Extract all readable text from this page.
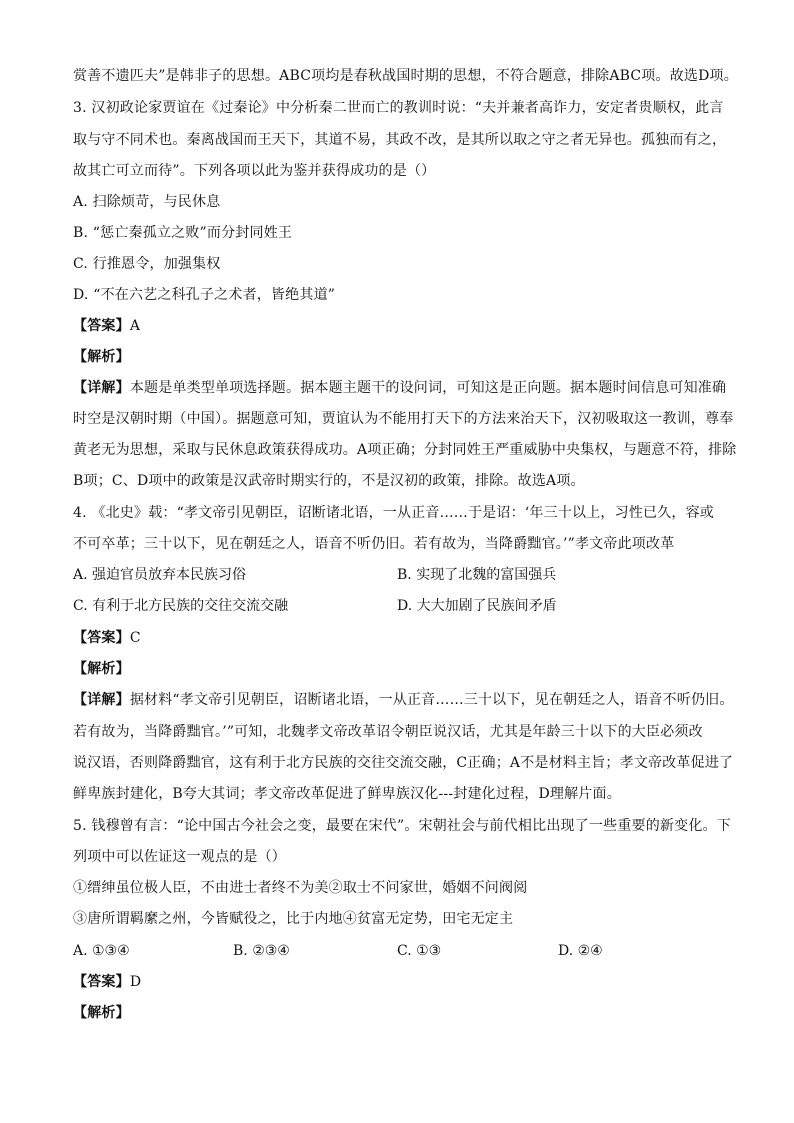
赏善不遗匹夫”是韩非子的思想。ABC项均是春秋战国时期的思想，不符合题意，排除ABC项。故选D项。
3. 汉初政论家贾谊在《过秦论》中分析秦二世而亡的教训时说：“夫并兼者高诈力，安定者贵顺权，此言
取与守不同术也。秦离战国而王天下，其道不易，其政不改，是其所以取之守之者无异也。孤独而有之，
故其亡可立而待”。下列各项以此为鉴并获得成功的是（）
A. 扫除烦苛，与民休息
B. “惩亡秦孤立之败”而分封同姓王
C. 行推恩令，加强集权
D. “不在六艺之科孔子之术者，皆绝其道”
【答案】A
【解析】
【详解】本题是单类型单项选择题。据本题主题干的设问词，可知这是正向题。据本题时间信息可知准确
时空是汉朝时期（中国）。据题意可知，贾谊认为不能用打天下的方法来治天下，汉初吸取这一教训，尊奉
黄老无为思想，采取与民休息政策获得成功。A项正确；分封同姓王严重威胁中央集权，与题意不符，排除
B项；C、D项中的政策是汉武帝时期实行的，不是汉初的政策，排除。故选A项。
4. 《北史》载：“孝文帝引见朝臣，诏断诸北语，一从正音……于是诏：‘年三十以上，习性已久，容或
不可卒革；三十以下，见在朝廷之人，语音不听仍旧。若有故为，当降爵黜官。’”孝文帝此项改革
A. 强迫官员放弃本民族习俗	B. 实现了北魏的富国强兵
C. 有利于北方民族的交往交流交融	D. 大大加剧了民族间矛盾
【答案】C
【解析】
【详解】据材料“孝文帝引见朝臣，诏断诸北语，一从正音……三十以下，见在朝廷之人，语音不听仍旧。
若有故为，当降爵黜官。’”可知，北魏孝文帝改革诏令朝臣说汉话，尤其是年龄三十以下的大臣必须改
说汉语，否则降爵黜官，这有利于北方民族的交往交流交融，C正确；A不是材料主旨；孝文帝改革促进了
鲜卑族封建化，B夸大其词；孝文帝改革促进了鲜卑族汉化---封建化过程，D理解片面。
5. 钱穆曾有言：“论中国古今社会之变，最要在宋代”。宋朝社会与前代相比出现了一些重要的新变化。下
列项中可以佐证这一观点的是（）
①缙绅虽位极人臣，不由进士者终不为美②取士不问家世，婚姻不问阀阅
③唐所谓羁縻之州，今皆赋役之，比于内地④贫富无定势，田宅无定主
A. ①③④	B. ②③④	C. ①③	D. ②④
【答案】D
【解析】
